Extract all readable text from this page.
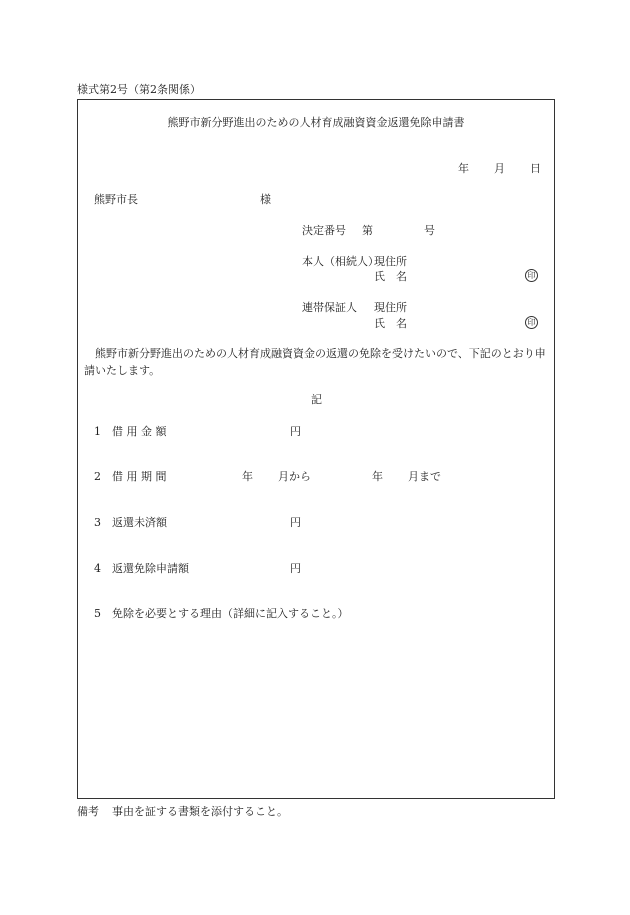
様式第2号（第2条関係）
熊野市新分野進出のための人材育成融資資金返還免除申請書
年 月 日
熊野市長	様
決定番号 第	号
本人（相続人）
現住所
氏　名	印
連帯保証人 現住所
氏　名	印
熊野市新分野進出のための人材育成融資資金の返還の免除を受けたいので、下記のとおり申請いたします。
記
1 借 用 金 額	円
2 借 用 期 間	年 月から	年 月まで
3 返還未済額	円
4 返還免除申請額	円
5 免除を必要とする理由（詳細に記入すること。）
備考 事由を証する書類を添付すること。
